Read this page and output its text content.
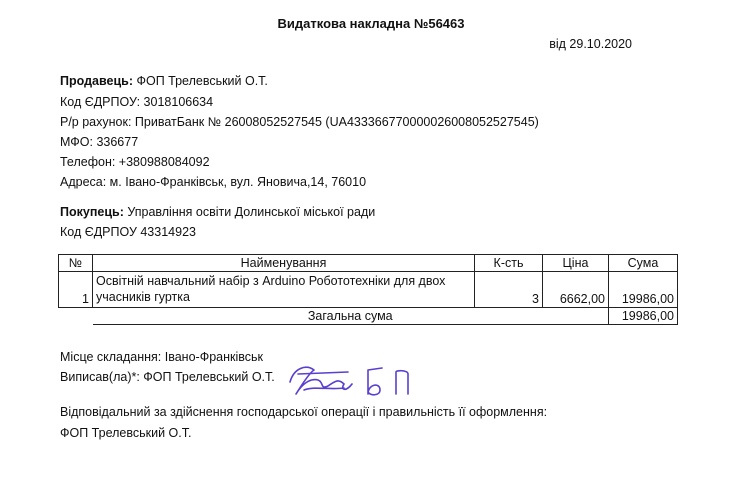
Видаткова накладна №56463
від 29.10.2020
Продавець: ФОП Трелевський О.Т.
Код ЄДРПОУ: 3018106634
Р/р рахунок: ПриватБанк № 26008052527545 (UA433366770000026008052527545)
МФО: 336677
Телефон: +380988084092
Адреса: м. Івано-Франківськ, вул. Яновича,14, 76010
Покупець: Управління освіти Долинської міської ради
Код ЄДРПОУ 43314923
№	Найменування	К-сть	Ціна	Сума
1	Освітній навчальний набір з Arduino Робототехніки для двох учасників гуртка	3	6662,00	19986,00
	Загальна сума			19986,00
Місце складання: Івано-Франківськ
Виписав(ла)*: ФОП Трелевський О.Т.
Відповідальний за здійснення господарської операції і правильність її оформлення:
ФОП Трелевський О.Т.
